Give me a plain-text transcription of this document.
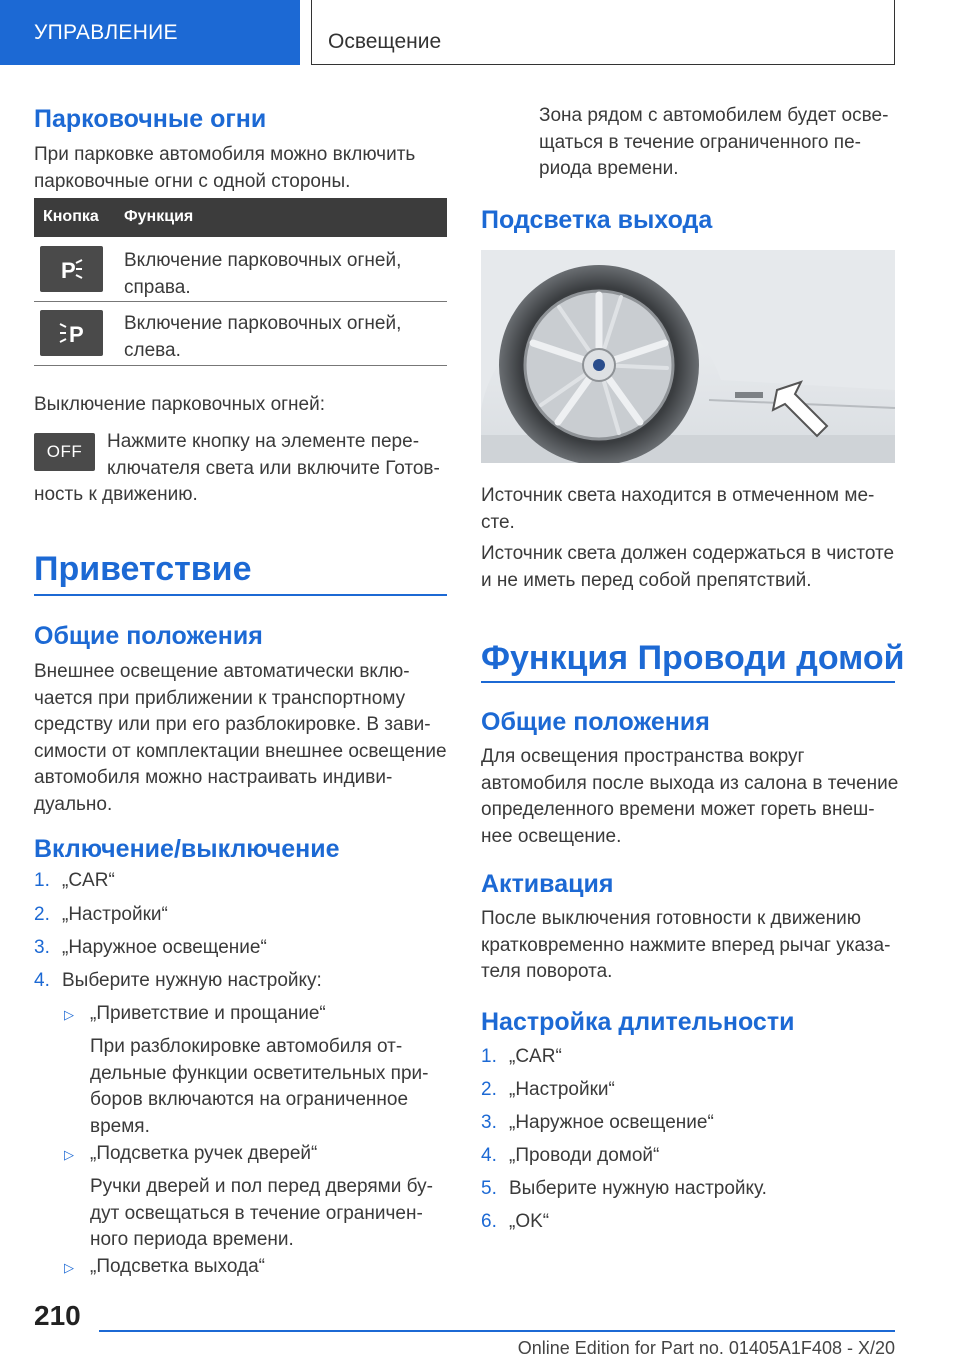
УПРАВЛЕНИЕ	Освещение
Парковочные огни
При парковке автомобиля можно включить
парковочные огни с одной стороны.
Кнопка Функция
P	Включение парковочных огней,
справа.
P Включение парковочных огней,
слева.
Выключение парковочных огней:
OFF	Нажмите кнопку на элементе пере-
ключателя света или включите Готов-
ность к движению.
Приветствие
Общие положения
Внешнее освещение автоматически вклю-
чается при приближении к транспортному
средству или при его разблокировке. В зави-
симости от комплектации внешнее освещение
автомобиля можно настраивать индиви-
дуально.
Включение/выключение
1. „CAR“
2. „Настройки“
3. „Наружное освещение“
4. Выберите нужную настройку:
▷ „Приветствие и прощание“
При разблокировке автомобиля от-
дельные функции осветительных при-
боров включаются на ограниченное
время.
▷ „Подсветка ручек дверей“
Ручки дверей и пол перед дверями бу-
дут освещаться в течение ограничен-
ного периода времени.
▷ „Подсветка выхода“
Зона рядом с автомобилем будет осве-
щаться в течение ограниченного пе-
риода времени.
Подсветка выхода
Источник света находится в отмеченном ме-
сте.
Источник света должен содержаться в чистоте
и не иметь перед собой препятствий.
Функция Проводи домой
Общие положения
Для освещения пространства вокруг
автомобиля после выхода из салона в течение
определенного времени может гореть внеш-
нее освещение.
Активация
После выключения готовности к движению
кратковременно нажмите вперед рычаг указа-
теля поворота.
Настройка длительности
1. „CAR“
2. „Настройки“
3. „Наружное освещение“
4. „Проводи домой“
5. Выберите нужную настройку.
6. „OK“
210
Online Edition for Part no. 01405A1F408 - X/20
